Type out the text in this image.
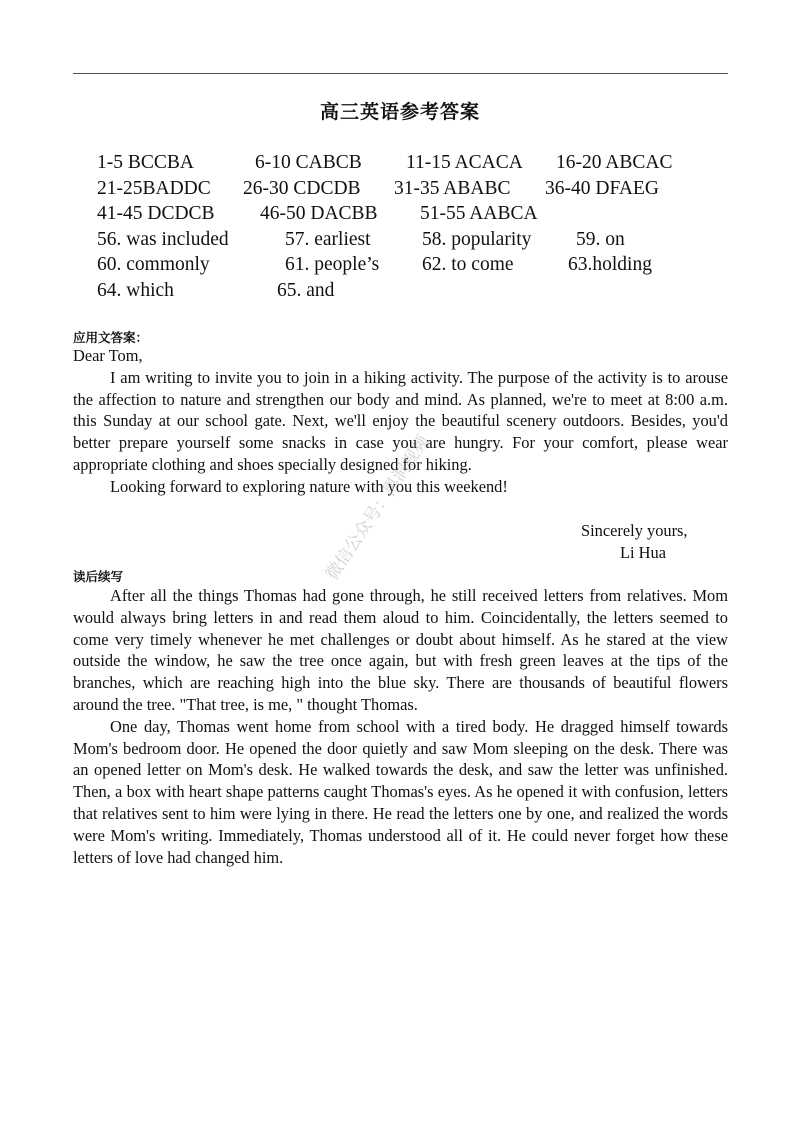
高三英语参考答案
1-5 BCCBA	6-10 CABCB 11-15 ACACA 16-20 ABCAC
21-25BADDC 26-30 CDCDB 31-35 ABABC 36-40 DFAEG
41-45 DCDCB 46-50 DACBB 51-55 AABCA
56. was included	57. earliest	58. popularity 59. on
60. commonly	61. people’s 62. to come	63.holding
64. which	65. and
应用文答案：

Dear Tom,

I am writing to invite you to join in a hiking activity. The purpose of the activity is to arouse the affection to nature and strengthen our body and mind. As planned, we're to meet at 8:00 a.m. this Sunday at our school gate. Next, we'll enjoy the beautiful scenery outdoors. Besides, you'd better prepare yourself some snacks in case you are hungry. For your comfort, please wear appropriate clothing and shoes specially designed for hiking.

Looking forward to exploring nature with you this weekend!

Sincerely yours,
Li Hua
读后续写

After all the things Thomas had gone through, he still received letters from relatives. Mom would always bring letters in and read them aloud to him. Coincidentally, the letters seemed to come very timely whenever he met challenges or doubt about himself. As he stared at the view outside the window, he saw the tree once again, but with fresh green leaves at the tips of the branches, which are reaching high into the blue sky. There are thousands of beautiful flowers around the tree. "That tree, is me, " thought Thomas.

One day, Thomas went home from school with a tired body. He dragged himself towards Mom's bedroom door. He opened the door quietly and saw Mom sleeping on the desk. There was an opened letter on Mom's desk. He walked towards the desk, and saw the letter was unfinished. Then, a box with heart shape patterns caught Thomas's eyes. As he opened it with confusion, letters that relatives sent to him were lying in there. He read the letters one by one, and realized the words were Mom's writing. Immediately, Thomas understood all of it. He could never forget how these letters of love had changed him.

微信公众号：黑洞视频
